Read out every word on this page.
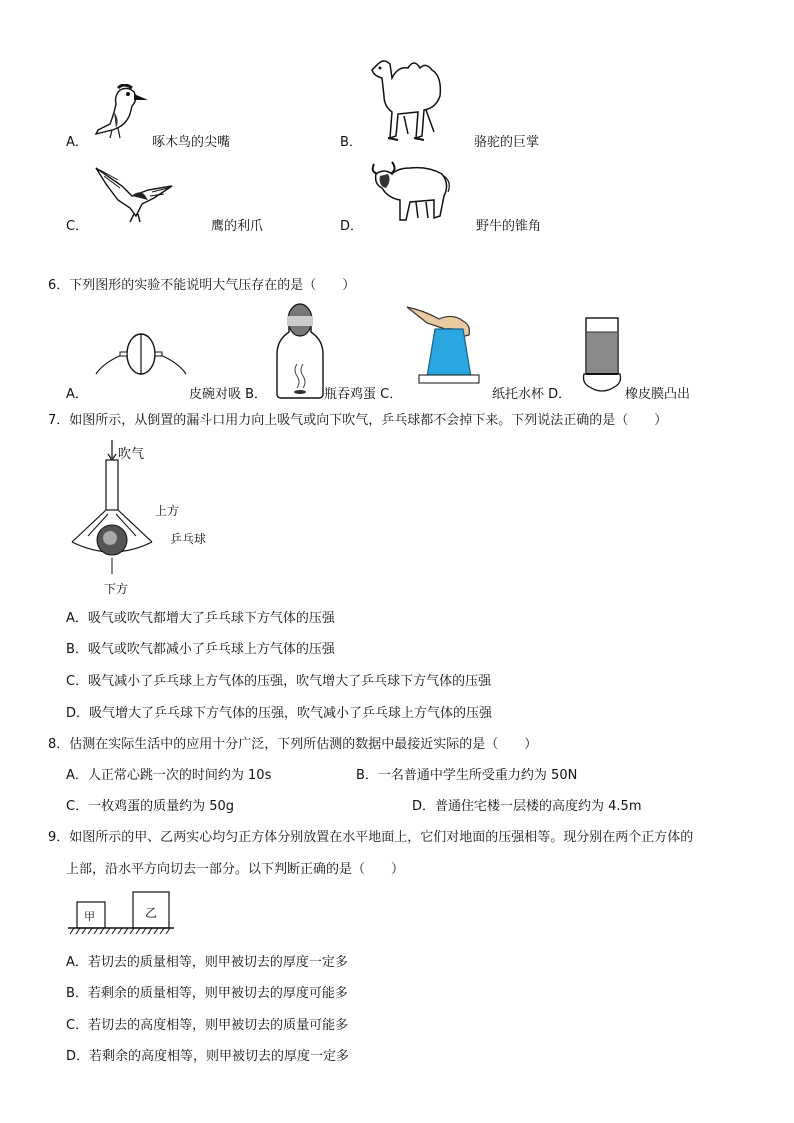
A．	啄木鸟的尖嘴	B．	骆驼的巨掌
C．	鹰的利爪	D．	野牛的锥角
6．下列图形的实验不能说明大气压存在的是（　　）
A．	皮碗对吸 B．	瓶吞鸡蛋 C．	纸托水杯 D．	橡皮膜凸出
7．如图所示，从倒置的漏斗口用力向上吸气或向下吹气，乒乓球都不会掉下来。下列说法正确的是（　　）
吹气
上方
乒乓球
下方
A．吸气或吹气都增大了乒乓球下方气体的压强
B．吸气或吹气都减小了乒乓球上方气体的压强
C．吸气减小了乒乓球上方气体的压强，吹气增大了乒乓球下方气体的压强
D．吸气增大了乒乓球下方气体的压强，吹气减小了乒乓球上方气体的压强
8．估测在实际生活中的应用十分广泛，下列所估测的数据中最接近实际的是（　　）
A．人正常心跳一次的时间约为 10s	B．一名普通中学生所受重力约为 50N
C．一枚鸡蛋的质量约为 50g	D．普通住宅楼一层楼的高度约为 4.5m
9．如图所示的甲、乙两实心均匀正方体分别放置在水平地面上，它们对地面的压强相等。现分别在两个正方体的
上部，沿水平方向切去一部分。以下判断正确的是（　　）
甲	乙
A．若切去的质量相等，则甲被切去的厚度一定多
B．若剩余的质量相等，则甲被切去的厚度可能多
C．若切去的高度相等，则甲被切去的质量可能多
D．若剩余的高度相等，则甲被切去的厚度一定多
